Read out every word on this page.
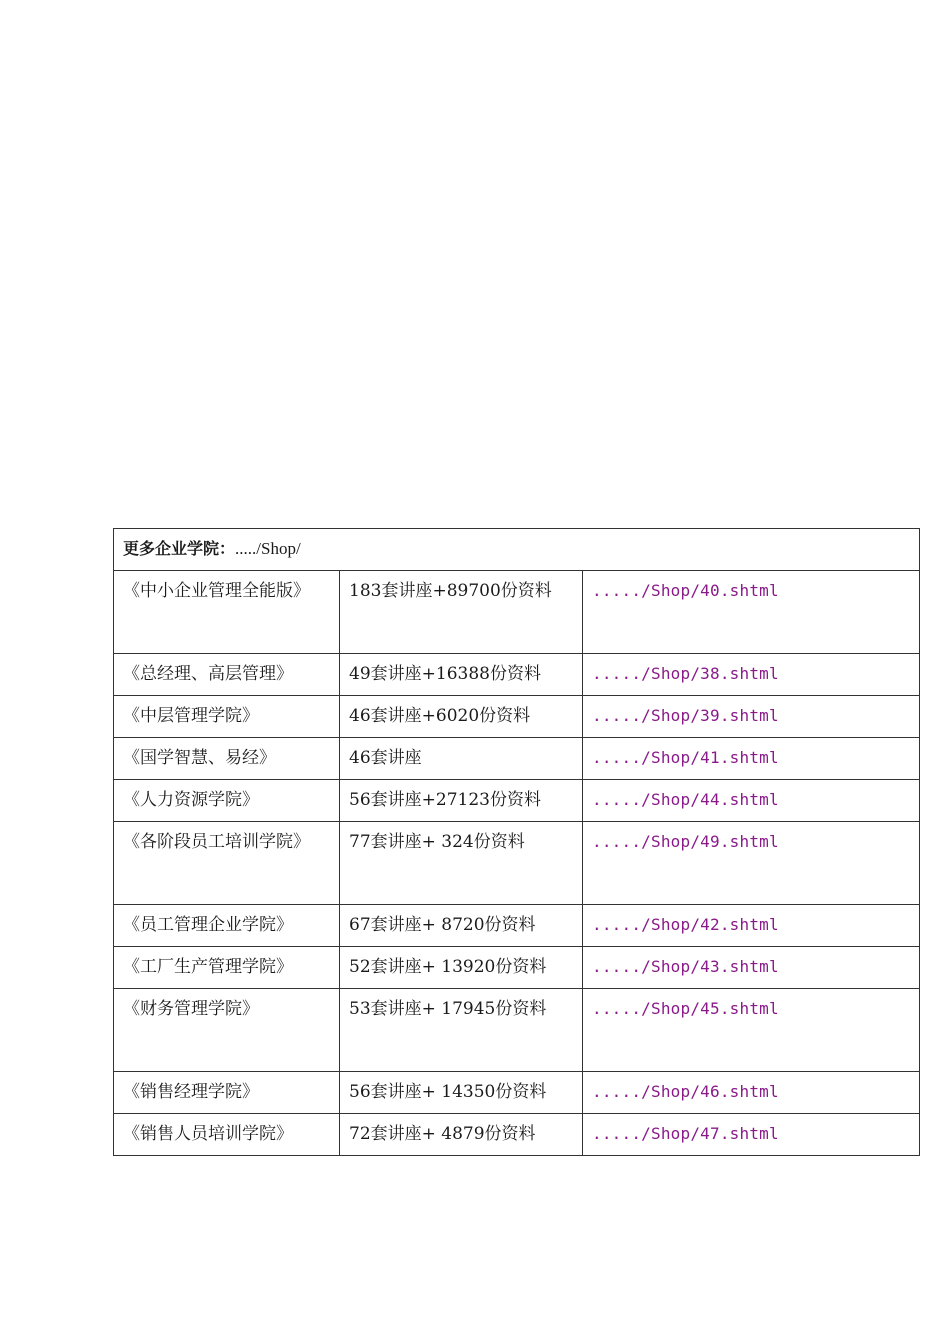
更多企业学院：...../Shop/		

《中小企业管理全能版》	183套讲座+89700份资料	...../Shop/40.shtml

《总经理、高层管理》	49套讲座+16388份资料	...../Shop/38.shtml

《中层管理学院》	46套讲座+6020份资料	...../Shop/39.shtml

《国学智慧、易经》	46套讲座	...../Shop/41.shtml

《人力资源学院》	56套讲座+27123份资料	...../Shop/44.shtml

《各阶段员工培训学院》	77套讲座+ 324份资料	...../Shop/49.shtml

《员工管理企业学院》	67套讲座+ 8720份资料	...../Shop/42.shtml

《工厂生产管理学院》	52套讲座+ 13920份资料	...../Shop/43.shtml

《财务管理学院》	53套讲座+ 17945份资料	...../Shop/45.shtml

《销售经理学院》	56套讲座+ 14350份资料	...../Shop/46.shtml

《销售人员培训学院》	72套讲座+ 4879份资料	...../Shop/47.shtml
